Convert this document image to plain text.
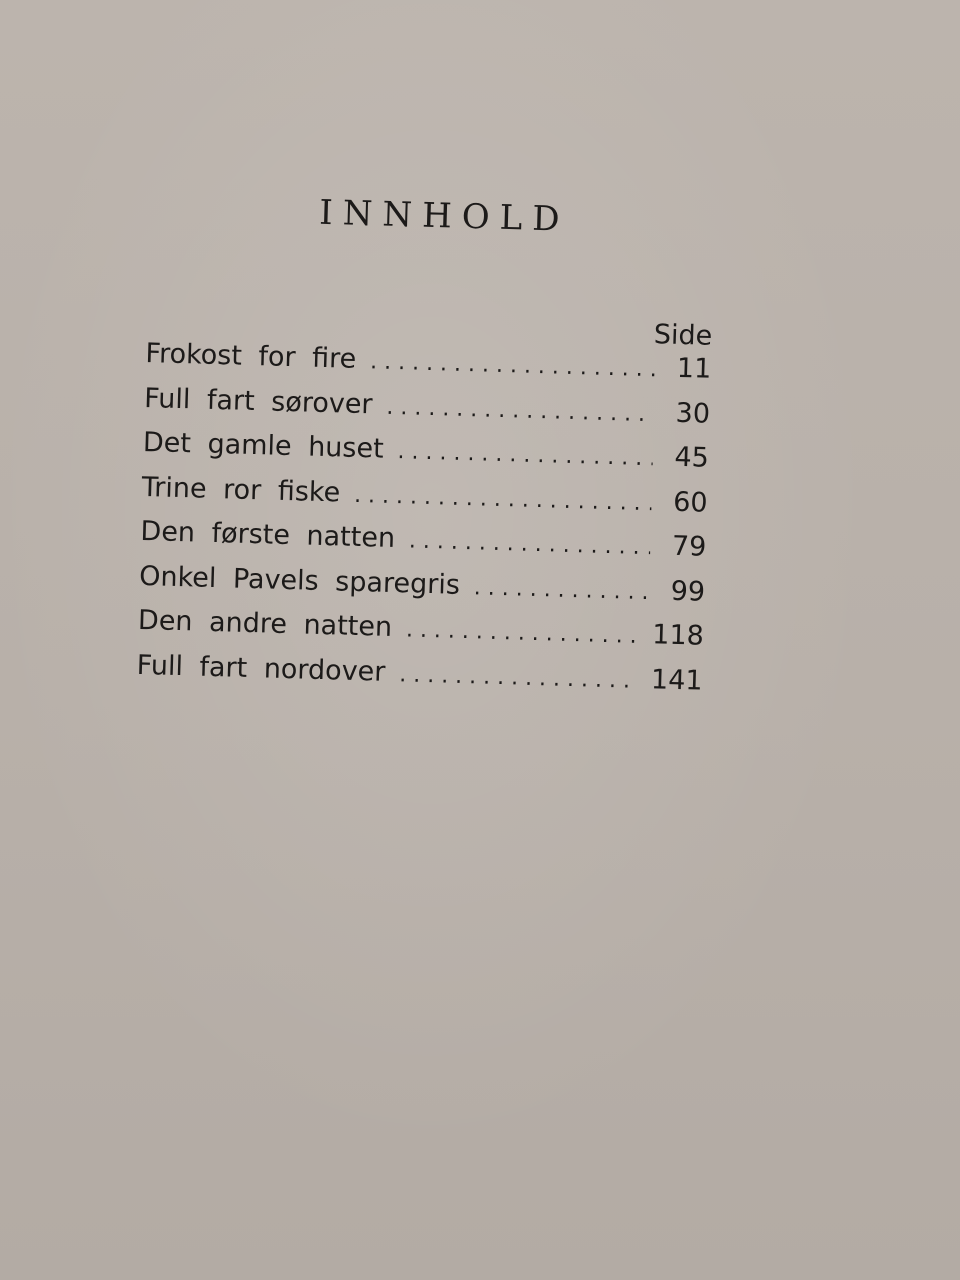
INNHOLD
Side
Frokost for fire . . .	11
Full fart sørover . . .	30
Det gamle huset . . .	45
Trine ror fiske . . .	60
Den første natten . . .	79
Onkel Pavels sparegris . . .	99
Den andre natten . . .	118
Full fart nordover . . .	141
